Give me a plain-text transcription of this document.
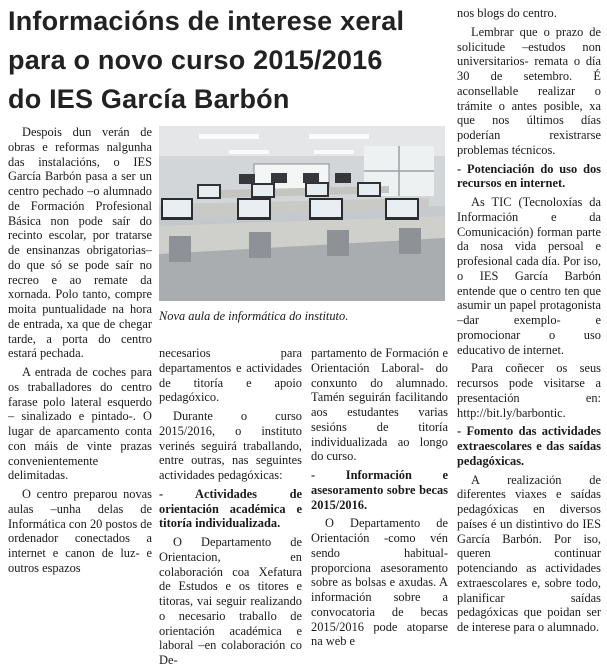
Informacións de interese xeral
para o novo curso 2015/2016
do IES García Barbón

Despois dun verán de obras e reformas nalgunha das instalacións, o IES García Barbón pasa a ser un centro pechado –o alumnado de Formación Profesional Básica non pode saír do recinto escolar, por tratarse de ensinanzas obrigatorias– do que só se pode saír no recreo e ao remate da xornada. Polo tanto, compre moita puntualidade na hora de entrada, xa que de chegar tarde, a porta do centro estará pechada.

A entrada de coches para os traballadores do centro farase polo lateral esquerdo – sinalizado e pintado-. O lugar de aparcamento conta con máis de vinte prazas convenientemente delimitadas.

O centro preparou novas aulas –unha delas de Informática con 20 postos de ordenador conectados a internet e canon de luz- e outros espazos

Nova aula de informática do instituto.

necesarios para departamentos e actividades de titoría e apoio pedagóxico.

Durante o curso 2015/2016, o instituto verinés seguirá traballando, entre outras, nas seguintes actividades pedagóxicas:

- Actividades de orientación académica e titoría individualizada.

O Departamento de Orientacion, en colaboración coa Xefatura de Estudos e os titores e titoras, vai seguir realizando o necesario traballo de orientación académica e laboral –en colaboración co De-

partamento de Formación e Orientación Laboral- do conxunto do alumnado. Tamén seguirán facilitando aos estudantes varias sesións de titoría individualizada ao longo do curso.

- Información e asesoramento sobre becas 2015/2016.

O Departamento de Orientación -como vén sendo habitual- proporciona asesoramento sobre as bolsas e axudas. A información sobre a convocatoria de becas 2015/2016 pode atoparse na web e

nos blogs do centro.

Lembrar que o prazo de solicitude –estudos non universitarios- remata o día 30 de setembro. É aconsellable realizar o trámite o antes posible, xa que nos últimos días poderían rexistrarse problemas técnicos.

- Potenciación do uso dos recursos en internet.

As TIC (Tecnoloxías da Información e da Comunicación) forman parte da nosa vida persoal e profesional cada día. Por iso, o IES García Barbón entende que o centro ten que asumir un papel protagonista –dar exemplo- e promocionar o uso educativo de internet.

Para coñecer os seus recursos pode visitarse a presentación en: http://bit.ly/barbontic.

- Fomento das actividades extraescolares e das saídas pedagóxicas.

A realización de diferentes viaxes e saídas pedagóxicas en diversos países é un distintivo do IES García Barbón. Por iso, queren continuar potenciando as actividades extraescolares e, sobre todo, planificar saídas pedagóxicas que poidan ser de interese para o alumnado.
